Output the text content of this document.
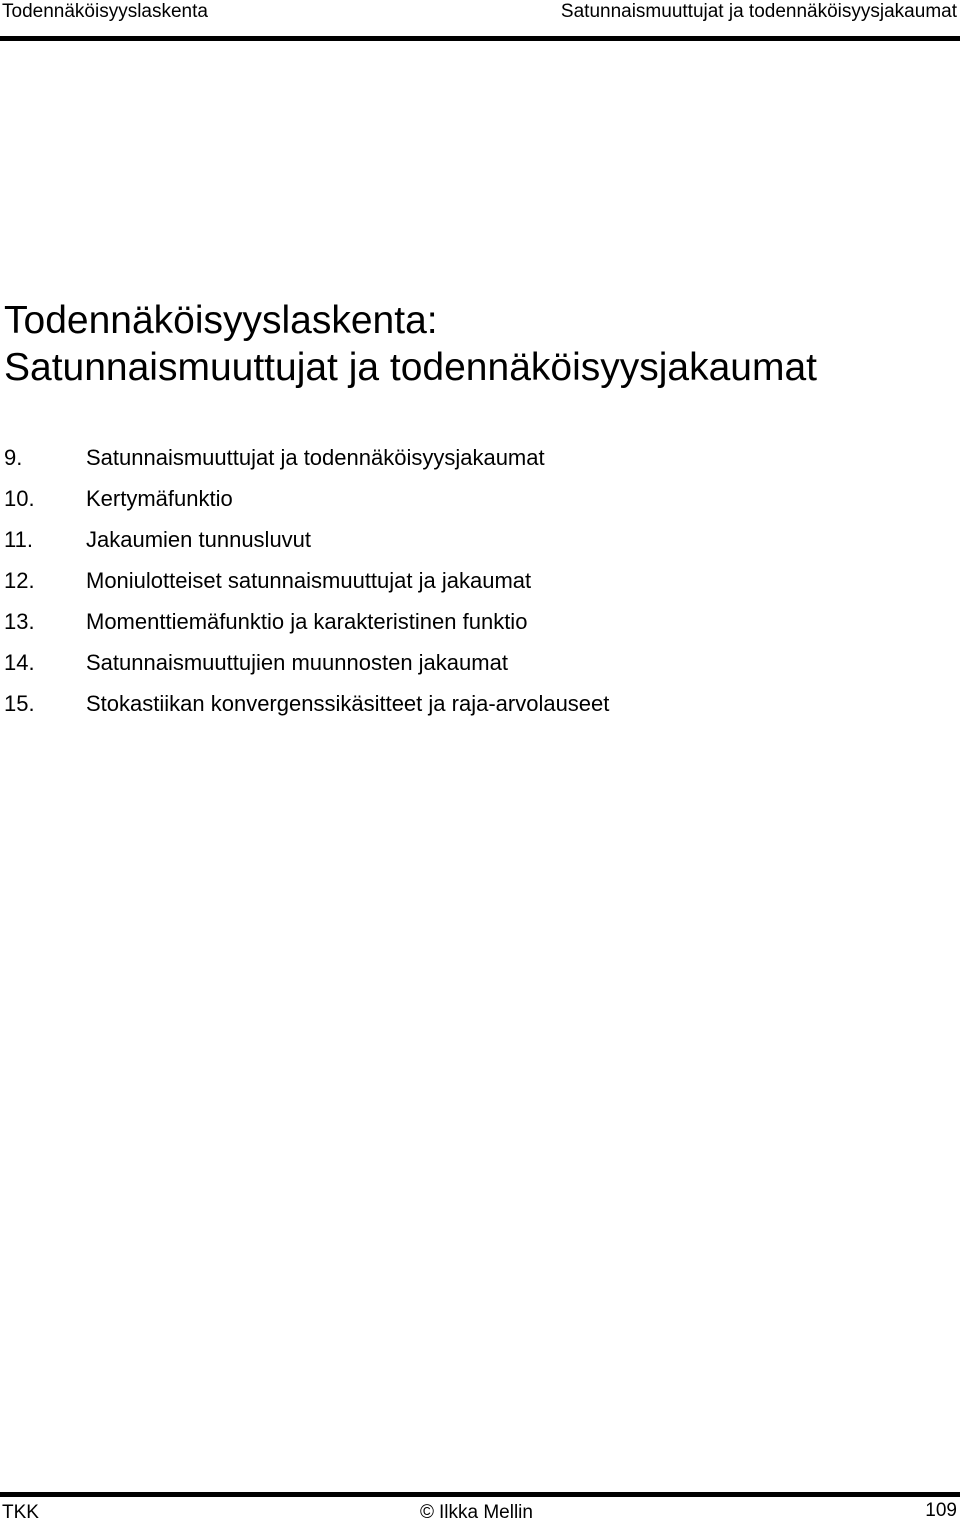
Todennäköisyyslaskenta	Satunnaismuuttujat ja todennäköisyysjakaumat
Todennäköisyyslaskenta:
Satunnaismuuttujat ja todennäköisyysjakaumat
9.	Satunnaismuuttujat ja todennäköisyysjakaumat
10. Kertymäfunktio
11. Jakaumien tunnusluvut
12. Moniulotteiset satunnaismuuttujat ja jakaumat
13. Momenttiemäfunktio ja karakteristinen funktio
14. Satunnaismuuttujien muunnosten jakaumat
15. Stokastiikan konvergenssikäsitteet ja raja-arvolauseet
TKK	© Ilkka Mellin	109
